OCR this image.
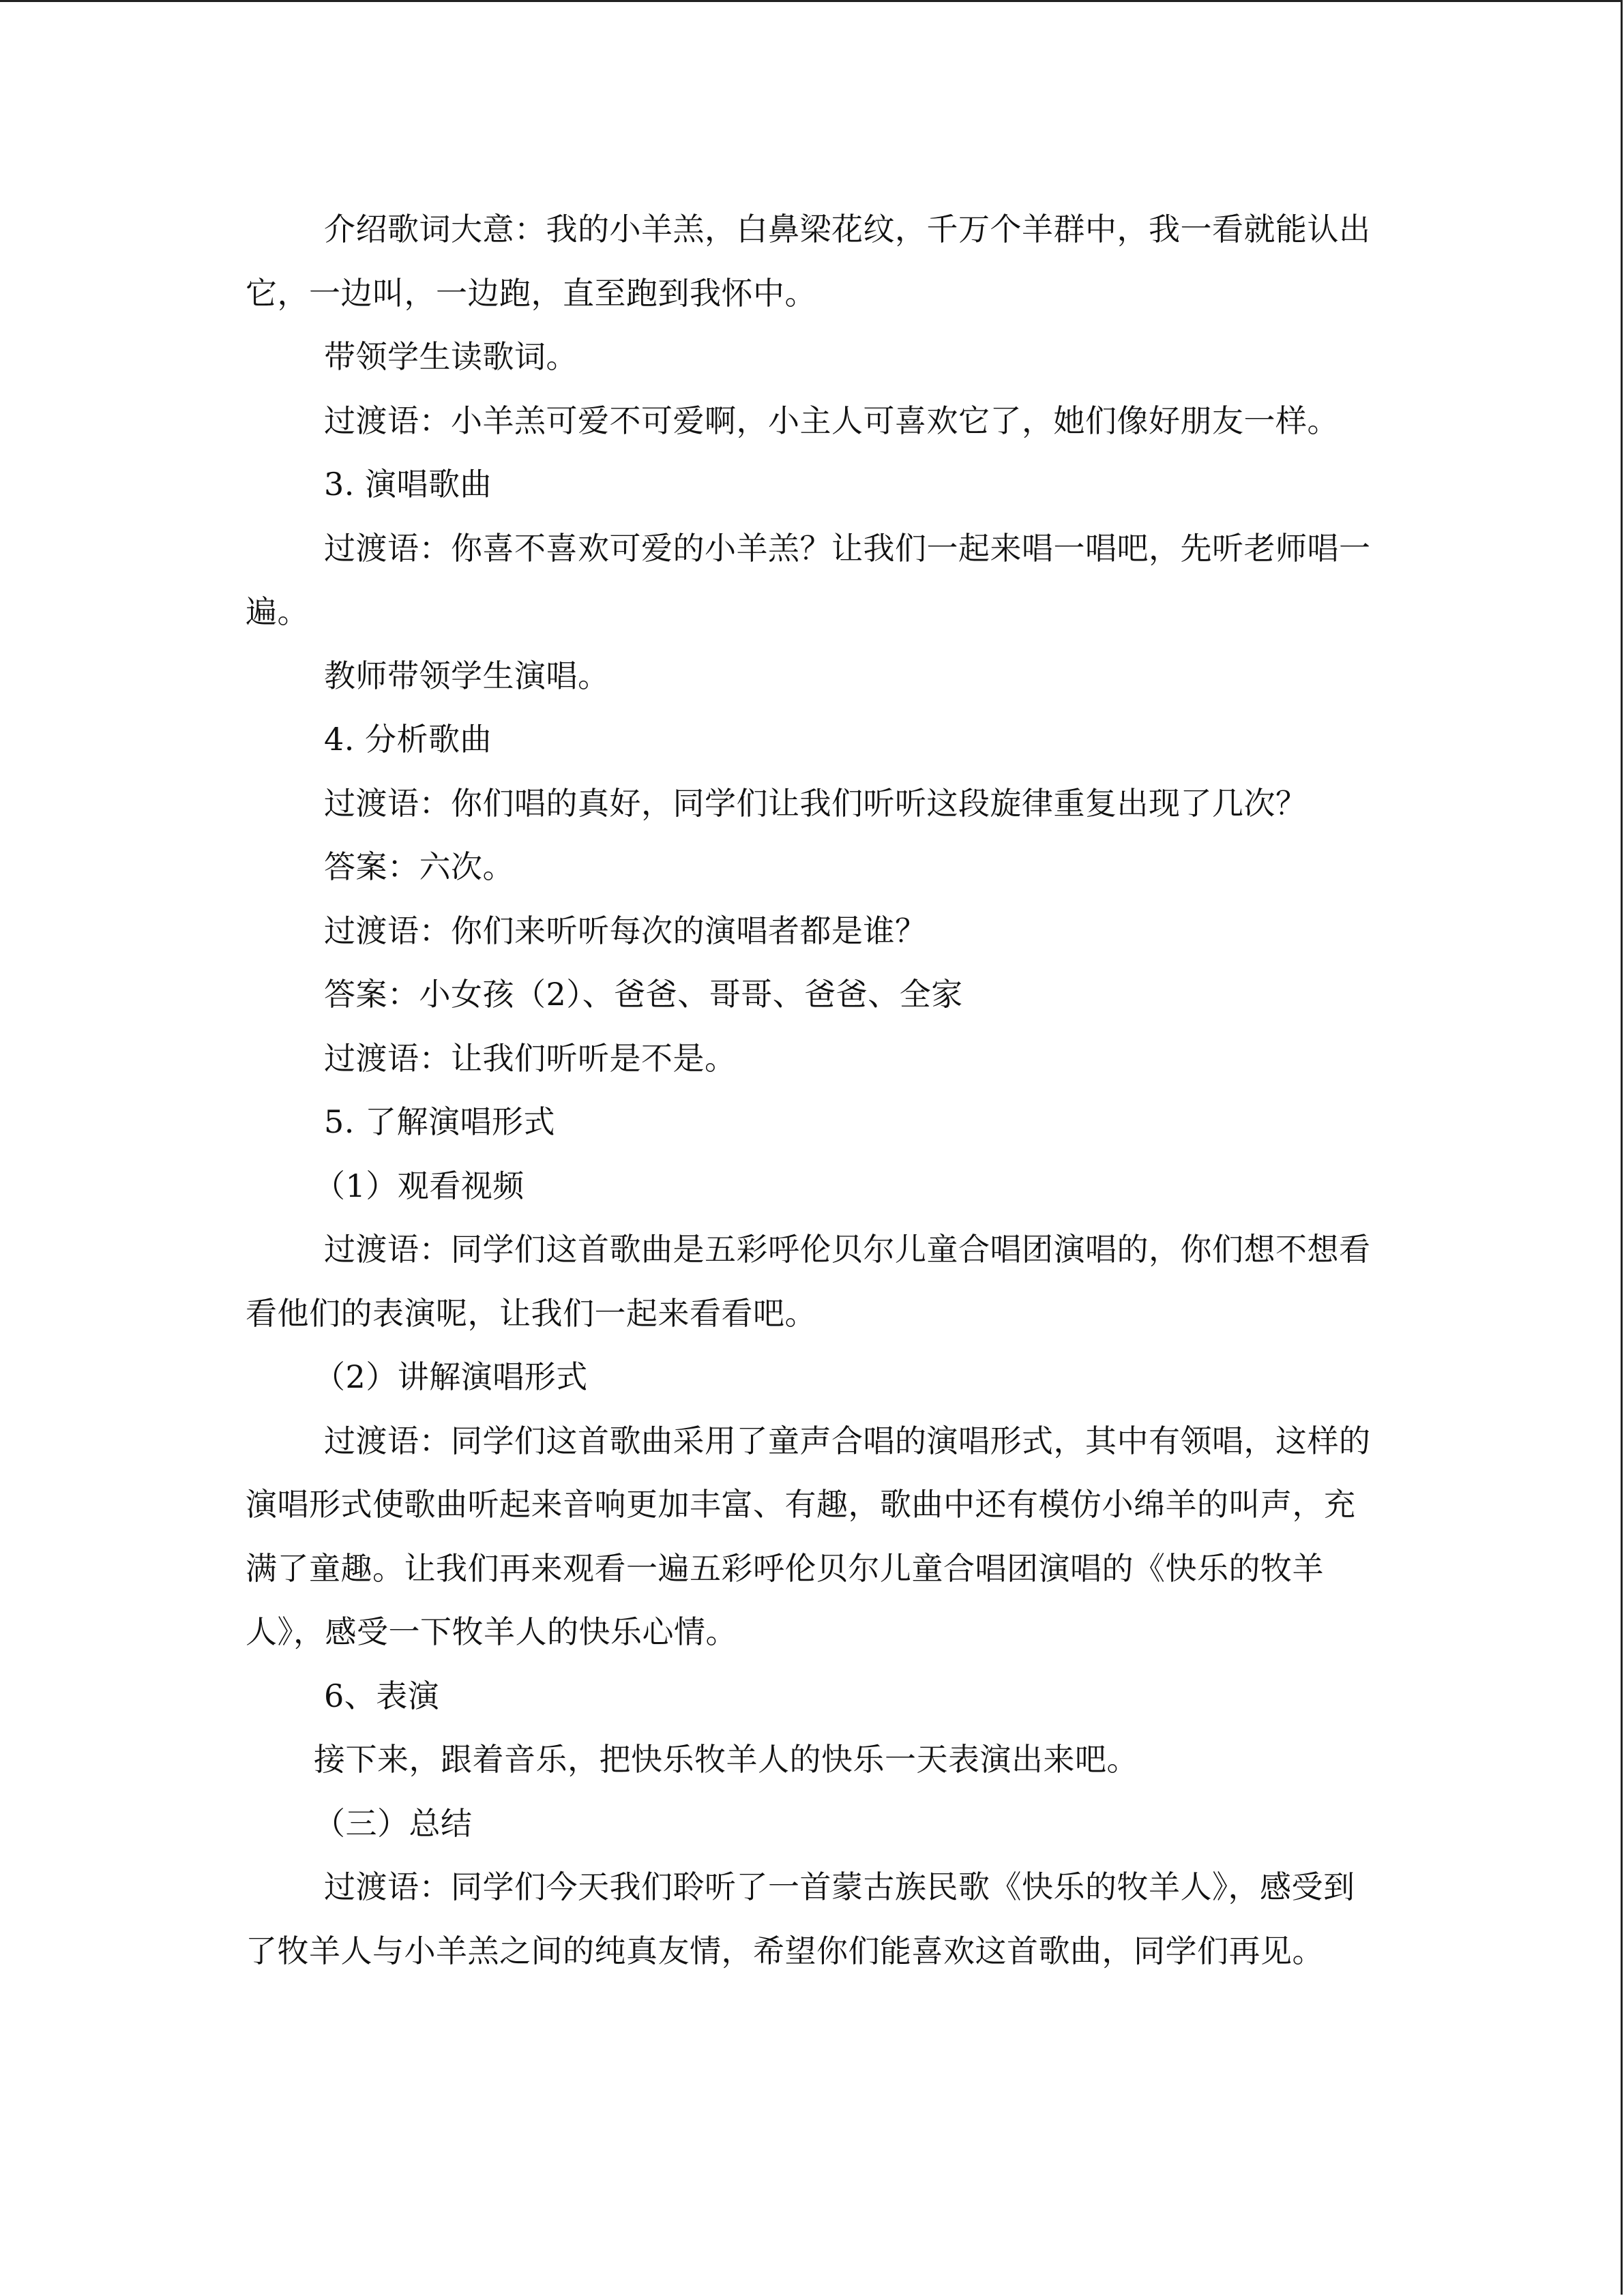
介绍歌词大意：我的小羊羔，白鼻梁花纹，千万个羊群中，我一看就能认出它，一边叫，一边跑，直至跑到我怀中。

带领学生读歌词。

过渡语：小羊羔可爱不可爱啊，小主人可喜欢它了，她们像好朋友一样。

3. 演唱歌曲

过渡语：你喜不喜欢可爱的小羊羔？让我们一起来唱一唱吧，先听老师唱一遍。

教师带领学生演唱。

4. 分析歌曲

过渡语：你们唱的真好，同学们让我们听听这段旋律重复出现了几次？

答案：六次。

过渡语：你们来听听每次的演唱者都是谁？

答案：小女孩（2）、爸爸、哥哥、爸爸、全家

过渡语：让我们听听是不是。

5. 了解演唱形式

（1）观看视频

过渡语：同学们这首歌曲是五彩呼伦贝尔儿童合唱团演唱的，你们想不想看看他们的表演呢，让我们一起来看看吧。

（2）讲解演唱形式

过渡语：同学们这首歌曲采用了童声合唱的演唱形式，其中有领唱，这样的演唱形式使歌曲听起来音响更加丰富、有趣，歌曲中还有模仿小绵羊的叫声，充满了童趣。让我们再来观看一遍五彩呼伦贝尔儿童合唱团演唱的《快乐的牧羊人》，感受一下牧羊人的快乐心情。

6、表演

接下来，跟着音乐，把快乐牧羊人的快乐一天表演出来吧。

（三）总结

过渡语：同学们今天我们聆听了一首蒙古族民歌《快乐的牧羊人》，感受到了牧羊人与小羊羔之间的纯真友情，希望你们能喜欢这首歌曲，同学们再见。
